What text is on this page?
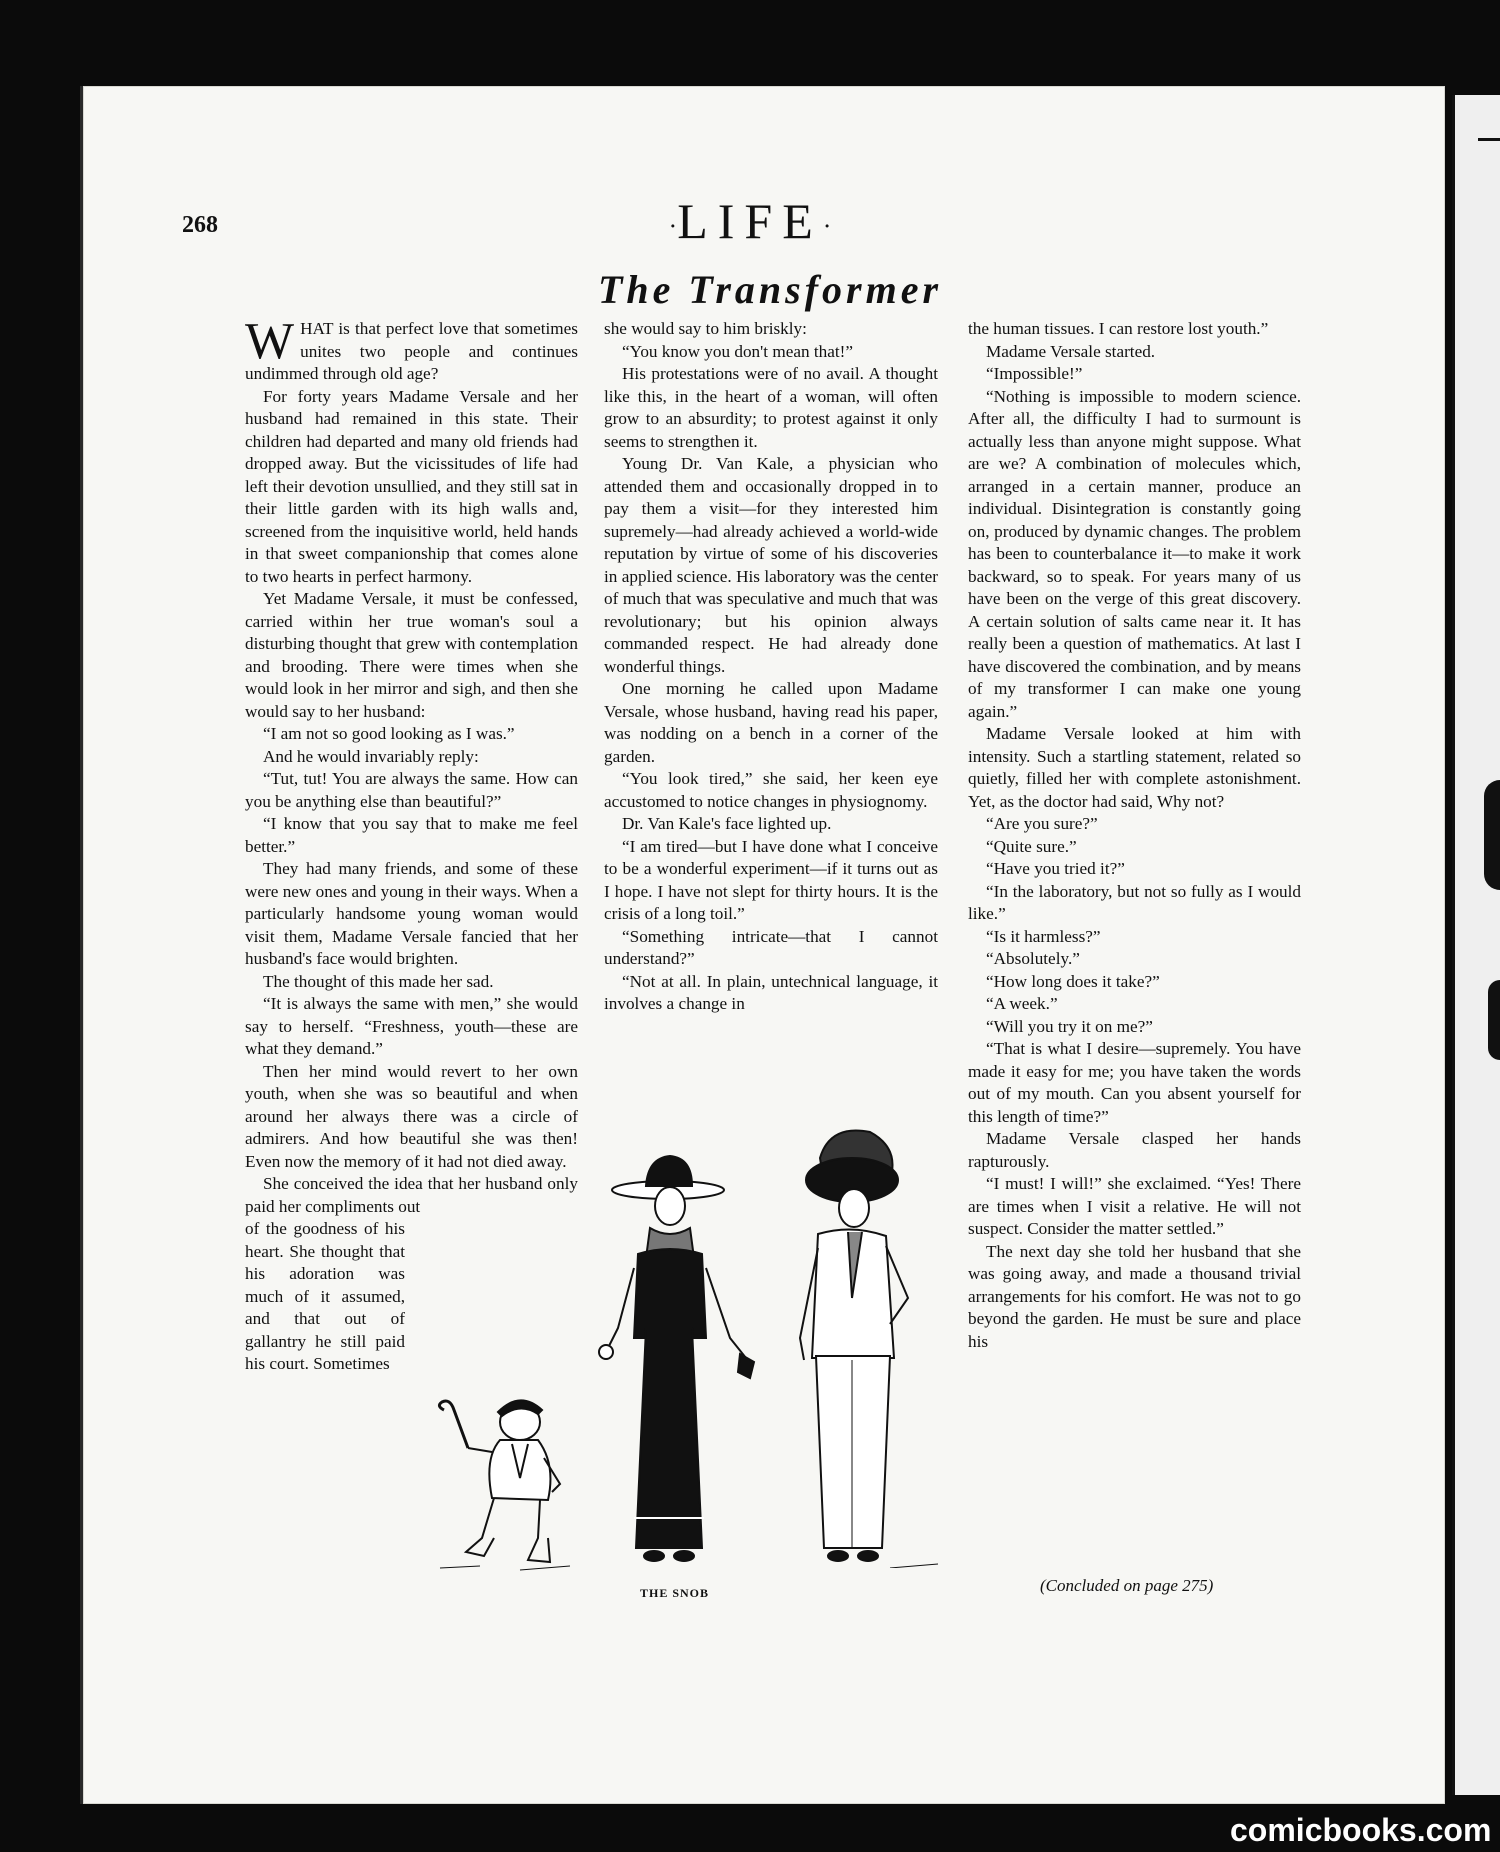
268	·LIFE·
The Transformer

WHAT is that perfect love that sometimes unites two people and continues undimmed through old age?

For forty years Madame Versale and her husband had remained in this state. Their children had departed and many old friends had dropped away. But the vicissitudes of life had left their devotion unsullied, and they still sat in their little garden with its high walls and, screened from the inquisitive world, held hands in that sweet companionship that comes alone to two hearts in perfect harmony.

Yet Madame Versale, it must be confessed, carried within her true woman's soul a disturbing thought that grew with contemplation and brooding. There were times when she would look in her mirror and sigh, and then she would say to her husband:

“I am not so good looking as I was.”

And he would invariably reply:

“Tut, tut! You are always the same. How can you be anything else than beautiful?”

“I know that you say that to make me feel better.”

They had many friends, and some of these were new ones and young in their ways. When a particularly handsome young woman would visit them, Madame Versale fancied that her husband's face would brighten.

The thought of this made her sad.

“It is always the same with men,” she would say to herself. “Freshness, youth—these are what they demand.”

Then her mind would revert to her own youth, when she was so beautiful and when around her always there was a circle of admirers. And how beautiful she was then! Even now the memory of it had not died away.

She conceived the idea that her husband only paid her compliments out

of the goodness of his heart. She thought that his adoration was much of it assumed, and that out of gallantry he still paid his court. Sometimes

she would say to him briskly:

“You know you don't mean that!”

His protestations were of no avail. A thought like this, in the heart of a woman, will often grow to an absurdity; to protest against it only seems to strengthen it.

Young Dr. Van Kale, a physician who attended them and occasionally dropped in to pay them a visit—for they interested him supremely—had already achieved a world-wide reputation by virtue of some of his discoveries in applied science. His laboratory was the center of much that was speculative and much that was revolutionary; but his opinion always commanded respect. He had already done wonderful things.

One morning he called upon Madame Versale, whose husband, having read his paper, was nodding on a bench in a corner of the garden.

“You look tired,” she said, her keen eye accustomed to notice changes in physiognomy.

Dr. Van Kale's face lighted up.

“I am tired—but I have done what I conceive to be a wonderful experiment—if it turns out as I hope. I have not slept for thirty hours. It is the crisis of a long toil.”

“Something intricate—that I cannot understand?”

“Not at all. In plain, untechnical language, it involves a change in

the human tissues. I can restore lost youth.”

Madame Versale started.

“Impossible!”

“Nothing is impossible to modern science. After all, the difficulty I had to surmount is actually less than anyone might suppose. What are we? A combination of molecules which, arranged in a certain manner, produce an individual. Disintegration is constantly going on, produced by dynamic changes. The problem has been to counterbalance it—to make it work backward, so to speak. For years many of us have been on the verge of this great discovery. A certain solution of salts came near it. It has really been a question of mathematics. At last I have discovered the combination, and by means of my transformer I can make one young again.”

Madame Versale looked at him with intensity. Such a startling statement, related so quietly, filled her with complete astonishment. Yet, as the doctor had said, Why not?

“Are you sure?”

“Quite sure.”

“Have you tried it?”

“In the laboratory, but not so fully as I would like.”

“Is it harmless?”

“Absolutely.”

“How long does it take?”

“A week.”

“Will you try it on me?”

“That is what I desire—supremely. You have made it easy for me; you have taken the words out of my mouth. Can you absent yourself for this length of time?”

Madame Versale clasped her hands rapturously.

“I must! I will!” she exclaimed. “Yes! There are times when I visit a relative. He will not suspect. Consider the matter settled.”

The next day she told her husband that she was going away, and made a thousand trivial arrangements for his comfort. He was not to go beyond the garden. He must be sure and place his

THE SNOB	(Concluded on page 275)
comicbooks.com
